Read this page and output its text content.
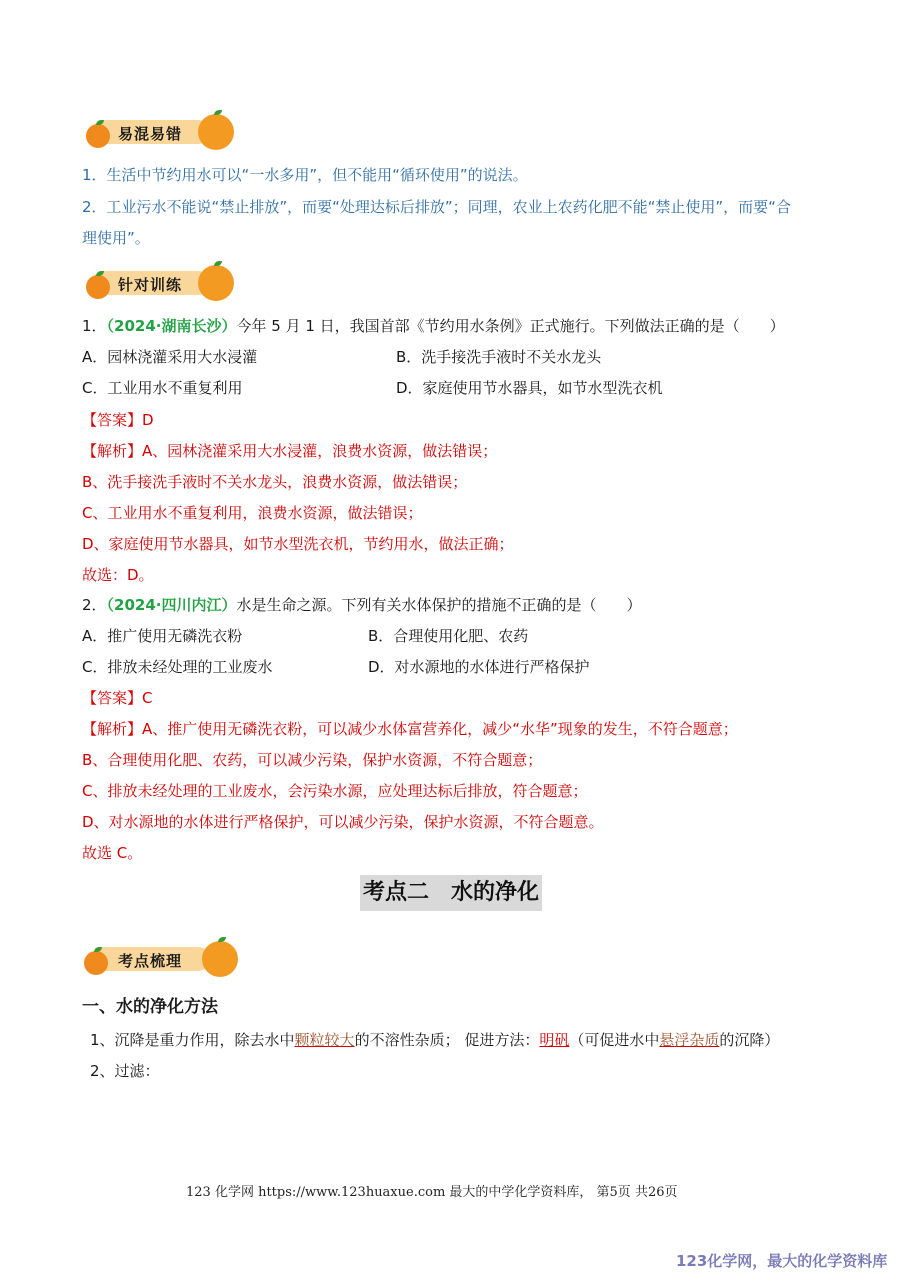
易混易错
1．生活中节约用水可以“一水多用”，但不能用“循环使用”的说法。
2．工业污水不能说“禁止排放”，而要“处理达标后排放”；同理，农业上农药化肥不能“禁止使用”，而要“合
理使用”。
针对训练
1．（2024·湖南长沙）今年 5 月 1 日，我国首部《节约用水条例》正式施行。下列做法正确的是（　　）
A．园林浇灌采用大水浸灌	B．洗手接洗手液时不关水龙头
C．工业用水不重复利用	D．家庭使用节水器具，如节水型洗衣机
【答案】D
【解析】A、园林浇灌采用大水浸灌，浪费水资源，做法错误；
B、洗手接洗手液时不关水龙头，浪费水资源，做法错误；
C、工业用水不重复利用，浪费水资源，做法错误；
D、家庭使用节水器具，如节水型洗衣机，节约用水，做法正确；
故选：D。
2．（2024·四川内江）水是生命之源。下列有关水体保护的措施不正确的是（　　）
A．推广使用无磷洗衣粉	B．合理使用化肥、农药
C．排放未经处理的工业废水	D．对水源地的水体进行严格保护
【答案】C
【解析】A、推广使用无磷洗衣粉，可以减少水体富营养化，减少“水华”现象的发生，不符合题意；
B、合理使用化肥、农药，可以减少污染，保护水资源，不符合题意；
C、排放未经处理的工业废水，会污染水源，应处理达标后排放，符合题意；
D、对水源地的水体进行严格保护，可以减少污染，保护水资源，不符合题意。
故选 C。
考点二　水的净化
考点梳理
一、水的净化方法
1、沉降是重力作用，除去水中颗粒较大的不溶性杂质； 促进方法：明矾（可促进水中悬浮杂质的沉降）
2、过滤：
123 化学网 https://www.123huaxue.com 最大的中学化学资料库， 第5页 共26页
123化学网，最大的化学资料库
